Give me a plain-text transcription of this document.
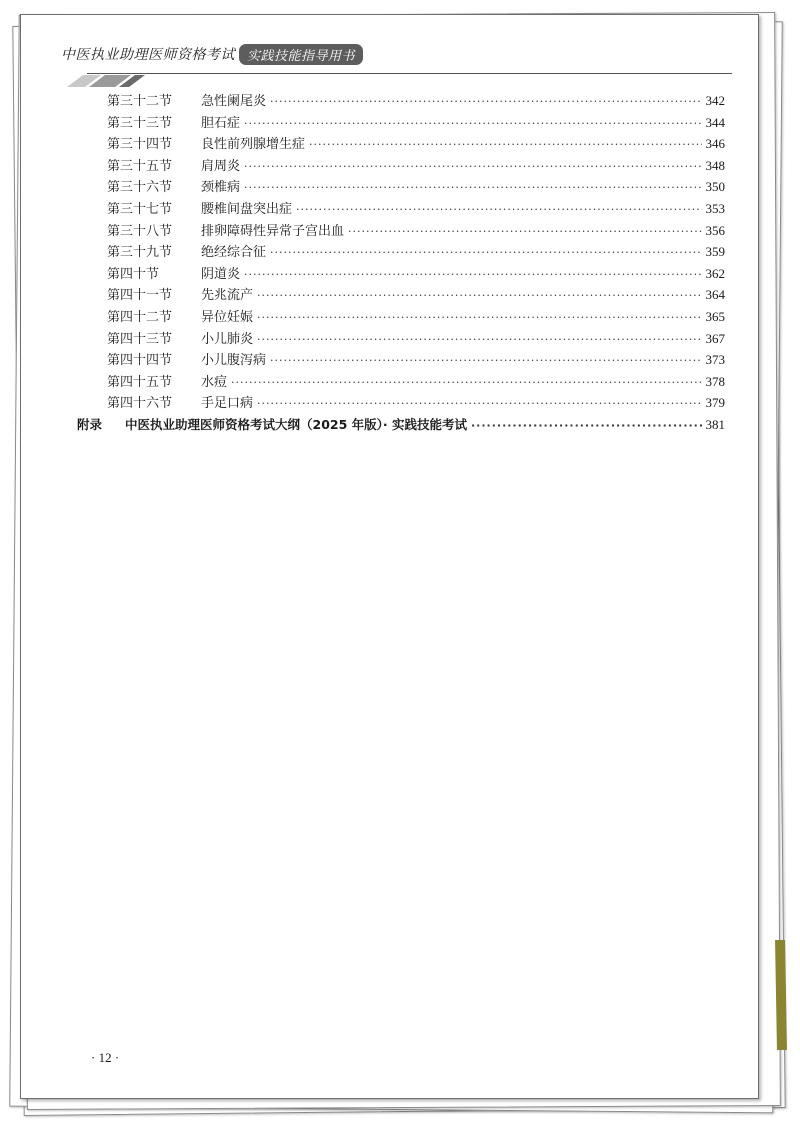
中医执业助理医师资格考试 实践技能指导用书
第三十二节	急性阑尾炎 ·····	342
第三十三节	胆石症 ·····	344
第三十四节	良性前列腺增生症 ·····	346
第三十五节	肩周炎 ·····	348
第三十六节	颈椎病 ·····	350
第三十七节	腰椎间盘突出症 ·····	353
第三十八节	排卵障碍性异常子宫出血 ·····	356
第三十九节	绝经综合征 ·····	359
第四十节	阴道炎 ·····	362
第四十一节	先兆流产 ·····	364
第四十二节	异位妊娠 ·····	365
第四十三节	小儿肺炎 ·····	367
第四十四节	小儿腹泻病 ·····	373
第四十五节	水痘 ·····	378
第四十六节	手足口病 ·····	379
附录	中医执业助理医师资格考试大纲（2025 年版）· 实践技能考试 ·····	381
· 12 ·
